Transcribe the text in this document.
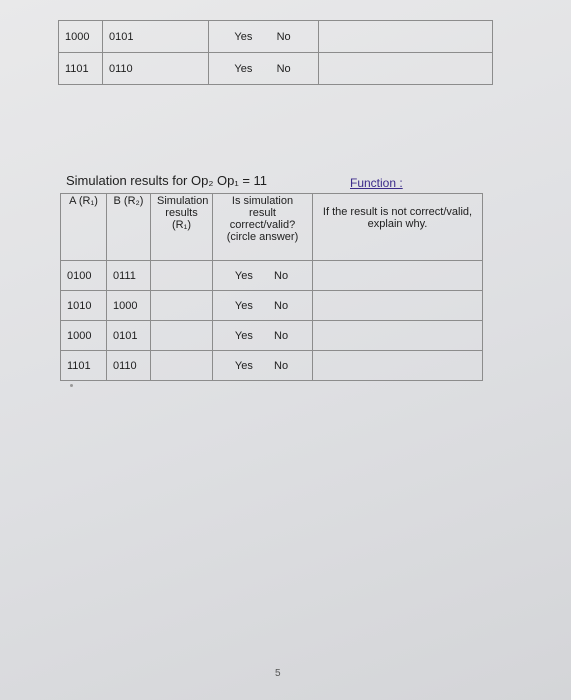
1000	0101	Yes No	
1101	0110	Yes No	
Simulation results for Op₂ Op₁ = 11	Function :
A (R₁)	B (R₂)	Simulation results (R₁)	Is simulation result
correct/valid?
(circle answer)	If the result is not correct/valid, explain why.
0100	0111		Yes No	
1010	1000		Yes No	
1000	0101		Yes No	
1101	0110		Yes No	
5
